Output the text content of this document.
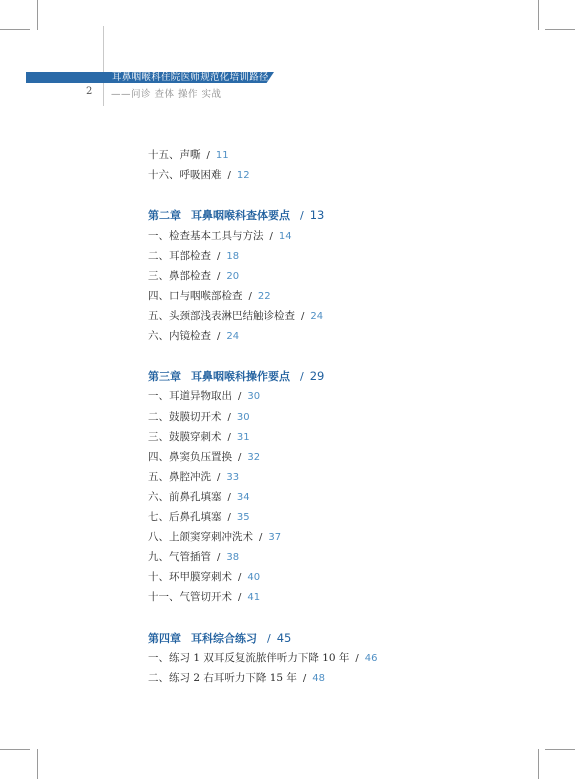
耳鼻咽喉科住院医师规范化培训路径
2 ——问诊 查体 操作 实战
十五、声嘶 / 11
十六、呼吸困难 / 12
第二章 耳鼻咽喉科查体要点 / 13
一、检查基本工具与方法 / 14
二、耳部检查 / 18
三、鼻部检查 / 20
四、口与咽喉部检查 / 22
五、头颈部浅表淋巴结触诊检查 / 24
六、内镜检查 / 24
第三章 耳鼻咽喉科操作要点 / 29
一、耳道异物取出 / 30
二、鼓膜切开术 / 30
三、鼓膜穿刺术 / 31
四、鼻窦负压置换 / 32
五、鼻腔冲洗 / 33
六、前鼻孔填塞 / 34
七、后鼻孔填塞 / 35
八、上颌窦穿刺冲洗术 / 37
九、气管插管 / 38
十、环甲膜穿刺术 / 40
十一、气管切开术 / 41
第四章 耳科综合练习 / 45
一、练习 1 双耳反复流脓伴听力下降 10 年 / 46
二、练习 2 右耳听力下降 15 年 / 48
